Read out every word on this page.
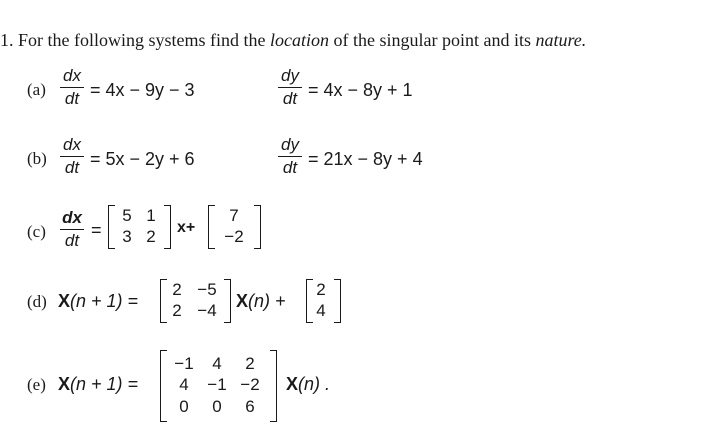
1. For the following systems find the location of the singular point and its nature.
(a)
dx
dt = 4x − 9y − 3
dy
dt = 4x − 8y + 1
(b)
dx
dt = 5x − 2y + 6
dy
dt = 21x − 8y + 4
(c)
dx
dt
=
5 1
3 2	x+
7
−2
(d) X(n + 1) =
2 −5
2 −4 X(n) +
2
4
(e) X(n + 1) =
−1	4	2
4	−1 −2
0	0	6
X(n) .
